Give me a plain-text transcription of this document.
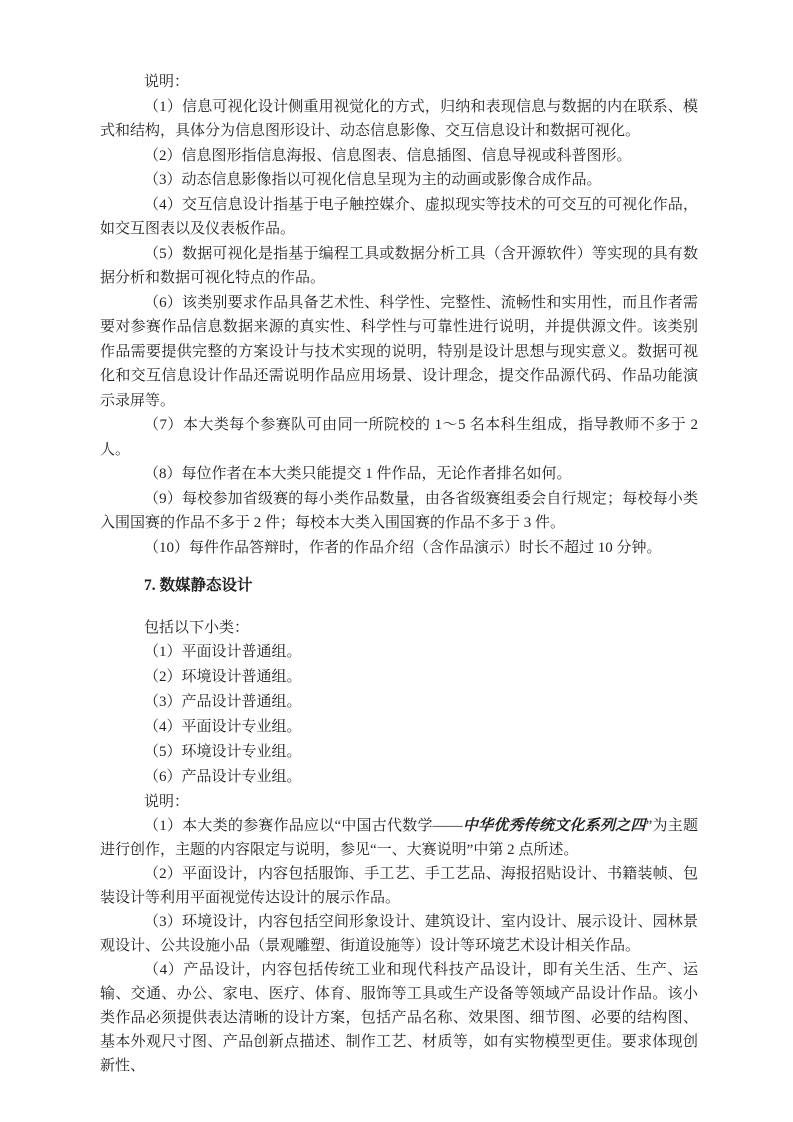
说明：

（1）信息可视化设计侧重用视觉化的方式，归纳和表现信息与数据的内在联系、模式和结构，具体分为信息图形设计、动态信息影像、交互信息设计和数据可视化。

（2）信息图形指信息海报、信息图表、信息插图、信息导视或科普图形。

（3）动态信息影像指以可视化信息呈现为主的动画或影像合成作品。

（4）交互信息设计指基于电子触控媒介、虚拟现实等技术的可交互的可视化作品，如交互图表以及仪表板作品。

（5）数据可视化是指基于编程工具或数据分析工具（含开源软件）等实现的具有数据分析和数据可视化特点的作品。

（6）该类别要求作品具备艺术性、科学性、完整性、流畅性和实用性，而且作者需要对参赛作品信息数据来源的真实性、科学性与可靠性进行说明，并提供源文件。该类别作品需要提供完整的方案设计与技术实现的说明，特别是设计思想与现实意义。数据可视化和交互信息设计作品还需说明作品应用场景、设计理念，提交作品源代码、作品功能演示录屏等。

（7）本大类每个参赛队可由同一所院校的 1～5 名本科生组成，指导教师不多于 2 人。

（8）每位作者在本大类只能提交 1 件作品，无论作者排名如何。

（9）每校参加省级赛的每小类作品数量，由各省级赛组委会自行规定；每校每小类入围国赛的作品不多于 2 件；每校本大类入围国赛的作品不多于 3 件。

（10）每件作品答辩时，作者的作品介绍（含作品演示）时长不超过 10 分钟。

7. 数媒静态设计

包括以下小类：

（1）平面设计普通组。

（2）环境设计普通组。

（3）产品设计普通组。

（4）平面设计专业组。

（5）环境设计专业组。

（6）产品设计专业组。

说明：

（1）本大类的参赛作品应以“中国古代数学——中华优秀传统文化系列之四”为主题进行创作，主题的内容限定与说明，参见“一、大赛说明”中第 2 点所述。

（2）平面设计，内容包括服饰、手工艺、手工艺品、海报招贴设计、书籍装帧、包装设计等利用平面视觉传达设计的展示作品。

（3）环境设计，内容包括空间形象设计、建筑设计、室内设计、展示设计、园林景观设计、公共设施小品（景观雕塑、街道设施等）设计等环境艺术设计相关作品。

（4）产品设计，内容包括传统工业和现代科技产品设计，即有关生活、生产、运输、交通、办公、家电、医疗、体育、服饰等工具或生产设备等领域产品设计作品。该小类作品必须提供表达清晰的设计方案，包括产品名称、效果图、细节图、必要的结构图、基本外观尺寸图、产品创新点描述、制作工艺、材质等，如有实物模型更佳。要求体现创新性、
